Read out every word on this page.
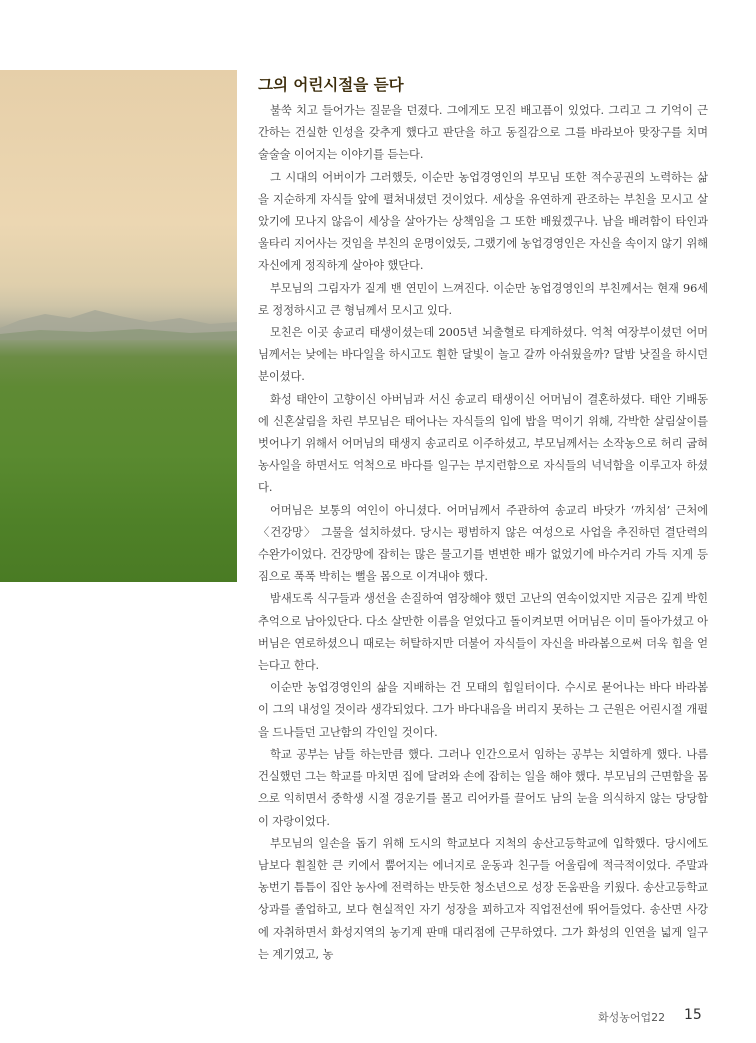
그의 어린시절을 듣다

불쑥 치고 들어가는 질문을 던졌다. 그에게도 모진 배고픔이 있었다. 그리고 그 기억이 근간하는 건실한 인성을 갖추게 했다고 판단을 하고 동질감으로 그를 바라보아 맞장구를 치며 술술술 이어지는 이야기를 듣는다.

그 시대의 어버이가 그러했듯, 이순만 농업경영인의 부모님 또한 적수공권의 노력하는 삶을 지순하게 자식들 앞에 펼쳐내셨던 것이었다. 세상을 유연하게 관조하는 부친을 모시고 살았기에 모나지 않음이 세상을 살아가는 상책임을 그 또한 배웠겠구나. 남을 배려함이 타인과 울타리 지어사는 것임을 부친의 운명이었듯, 그랬기에 농업경영인은 자신을 속이지 않기 위해 자신에게 정직하게 살아야 했단다.

부모님의 그림자가 짙게 밴 연민이 느껴진다. 이순만 농업경영인의 부친께서는 현재 96세로 정정하시고 큰 형님께서 모시고 있다.

모친은 이곳 송교리 태생이셨는데 2005년 뇌출혈로 타계하셨다. 억척 여장부이셨던 어머님께서는 낮에는 바다일을 하시고도 훤한 달빛이 놀고 갈까 아쉬웠을까? 달밤 낫질을 하시던 분이셨다.

화성 태안이 고향이신 아버님과 서신 송교리 태생이신 어머님이 결혼하셨다. 태안 기배동에 신혼살림을 차린 부모님은 태어나는 자식들의 입에 밥을 먹이기 위해, 각박한 살림살이를 벗어나기 위해서 어머님의 태생지 송교리로 이주하셨고, 부모님께서는 소작농으로 허리 굽혀 농사일을 하면서도 억척으로 바다를 일구는 부지런함으로 자식들의 넉넉함을 이루고자 하셨다.

어머님은 보통의 여인이 아니셨다. 어머님께서 주관하여 송교리 바닷가 ‘까치섬’ 근처에 〈건강망〉 그물을 설치하셨다. 당시는 평범하지 않은 여성으로 사업을 추진하던 결단력의 수완가이었다. 건강망에 잡히는 많은 물고기를 변변한 배가 없었기에 바수거리 가득 지게 등짐으로 푹푹 박히는 뻘을 몸으로 이겨내야 했다.

밤새도록 식구들과 생선을 손질하여 염장해야 했던 고난의 연속이었지만 지금은 깊게 박힌 추억으로 남아있단다. 다소 살만한 이름을 얻었다고 돌이켜보면 어머님은 이미 돌아가셨고 아버님은 연로하셨으니 때로는 허탈하지만 더불어 자식들이 자신을 바라봄으로써 더욱 힘을 얻는다고 한다.

이순만 농업경영인의 삶을 지배하는 건 모태의 힘일터이다. 수시로 묻어나는 바다 바라봄이 그의 내성일 것이라 생각되었다. 그가 바다내음을 버리지 못하는 그 근원은 어린시절 개펄을 드나들던 고난함의 각인일 것이다.

학교 공부는 남들 하는만큼 했다. 그러나 인간으로서 임하는 공부는 치열하게 했다. 나름 건실했던 그는 학교를 마치면 집에 달려와 손에 잡히는 일을 해야 했다. 부모님의 근면함을 몸으로 익히면서 중학생 시절 경운기를 몰고 리어카를 끌어도 남의 눈을 의식하지 않는 당당함이 자랑이었다.

부모님의 일손을 돕기 위해 도시의 학교보다 지척의 송산고등학교에 입학했다. 당시에도 남보다 훤칠한 큰 키에서 뿜어지는 에너지로 운동과 친구들 어울림에 적극적이었다. 주말과 농번기 틈틈이 집안 농사에 전력하는 반듯한 청소년으로 성장 돈움판을 키웠다. 송산고등학교 상과를 졸업하고, 보다 현실적인 자기 성장을 꾀하고자 직업전선에 뛰어들었다. 송산면 사강에 자취하면서 화성지역의 농기계 판매 대리점에 근무하였다. 그가 화성의 인연을 넓게 일구는 계기였고, 농

화성농어업22 15
